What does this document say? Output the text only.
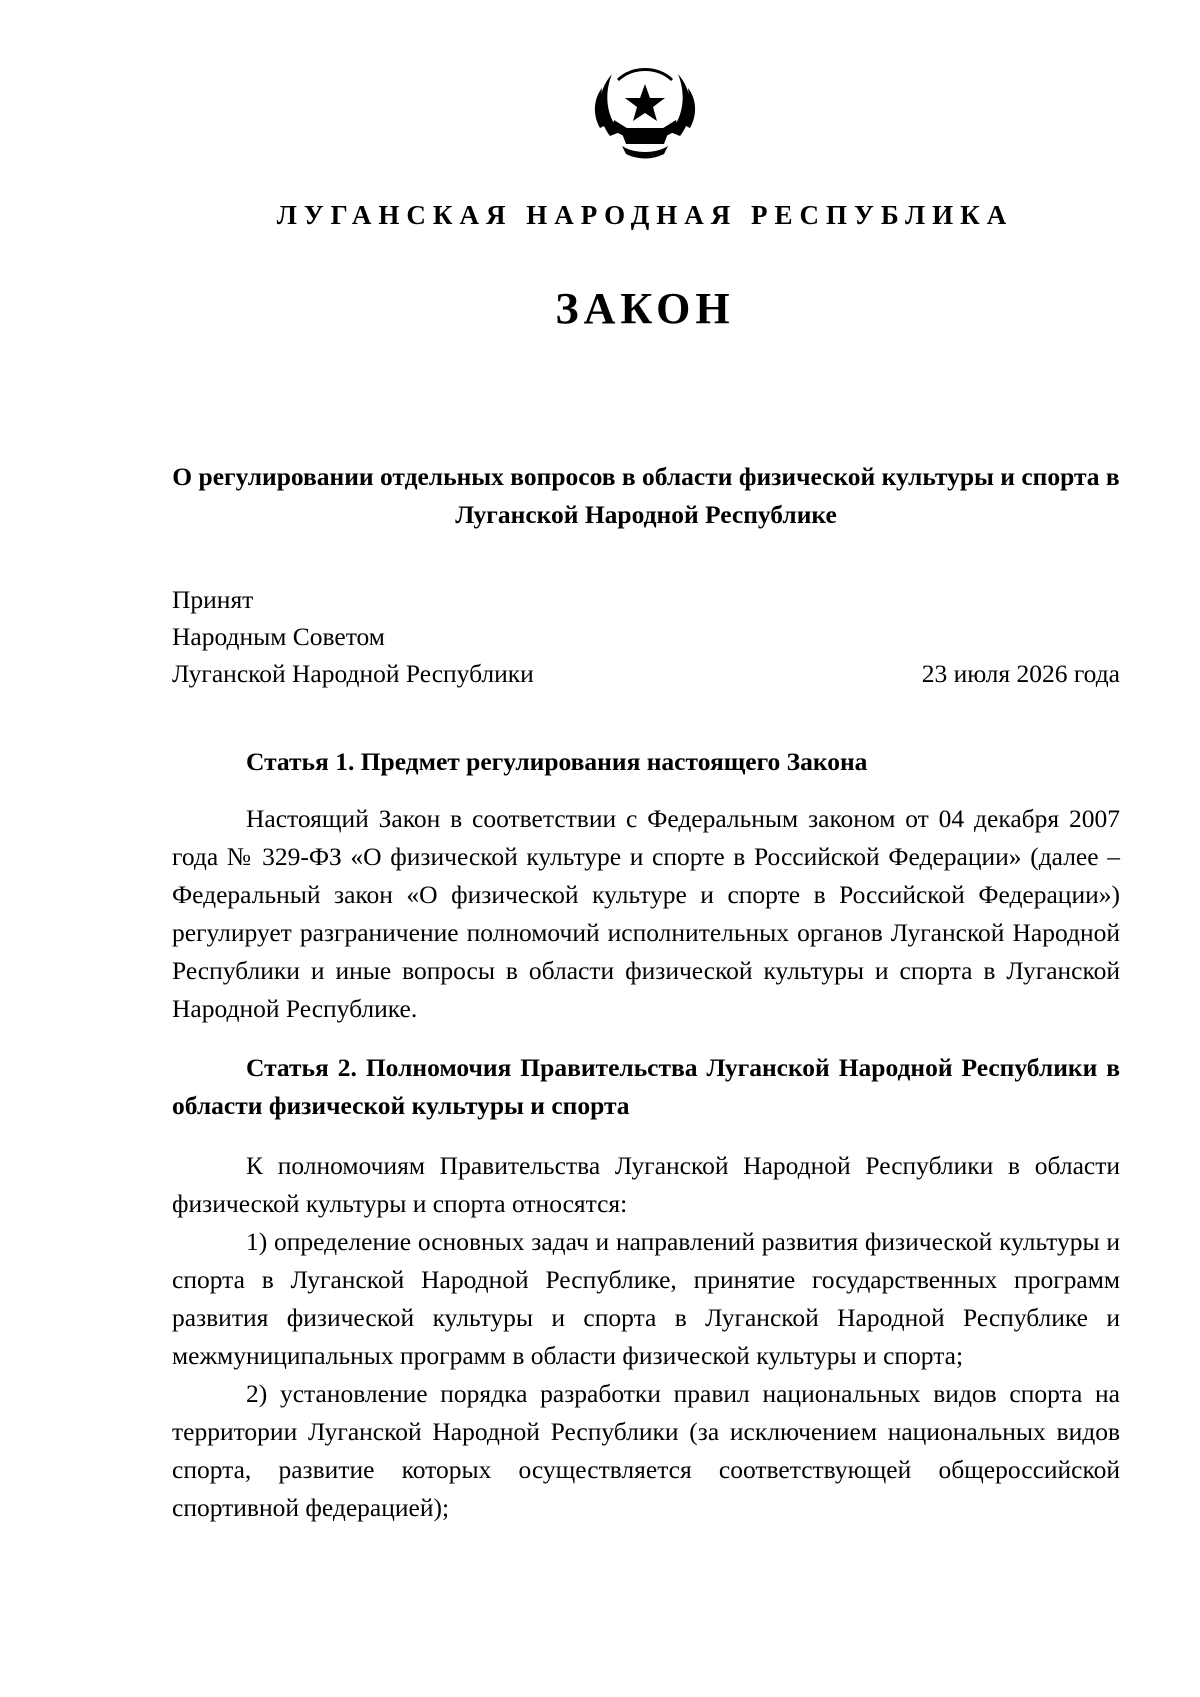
ЛУГАНСКАЯ НАРОДНАЯ РЕСПУБЛИКА
ЗАКОН
О регулировании отдельных вопросов в области физической культуры и спорта в Луганской Народной Республике
Принят
Народным Советом
Луганской Народной Республики	23 июля 2026 года
Статья 1. Предмет регулирования настоящего Закона
Настоящий Закон в соответствии с Федеральным законом от 04 декабря 2007 года № 329-ФЗ «О физической культуре и спорте в Российской Федерации» (далее – Федеральный закон «О физической культуре и спорте в Российской Федерации») регулирует разграничение полномочий исполнительных органов Луганской Народной Республики и иные вопросы в области физической культуры и спорта в Луганской Народной Республике.
Статья 2. Полномочия Правительства Луганской Народной Республики в области физической культуры и спорта

К полномочиям Правительства Луганской Народной Республики в области физической культуры и спорта относятся:

1) определение основных задач и направлений развития физической культуры и спорта в Луганской Народной Республике, принятие государственных программ развития физической культуры и спорта в Луганской Народной Республике и межмуниципальных программ в области физической культуры и спорта;

2) установление порядка разработки правил национальных видов спорта на территории Луганской Народной Республики (за исключением национальных видов спорта, развитие которых осуществляется соответствующей общероссийской спортивной федерацией);
